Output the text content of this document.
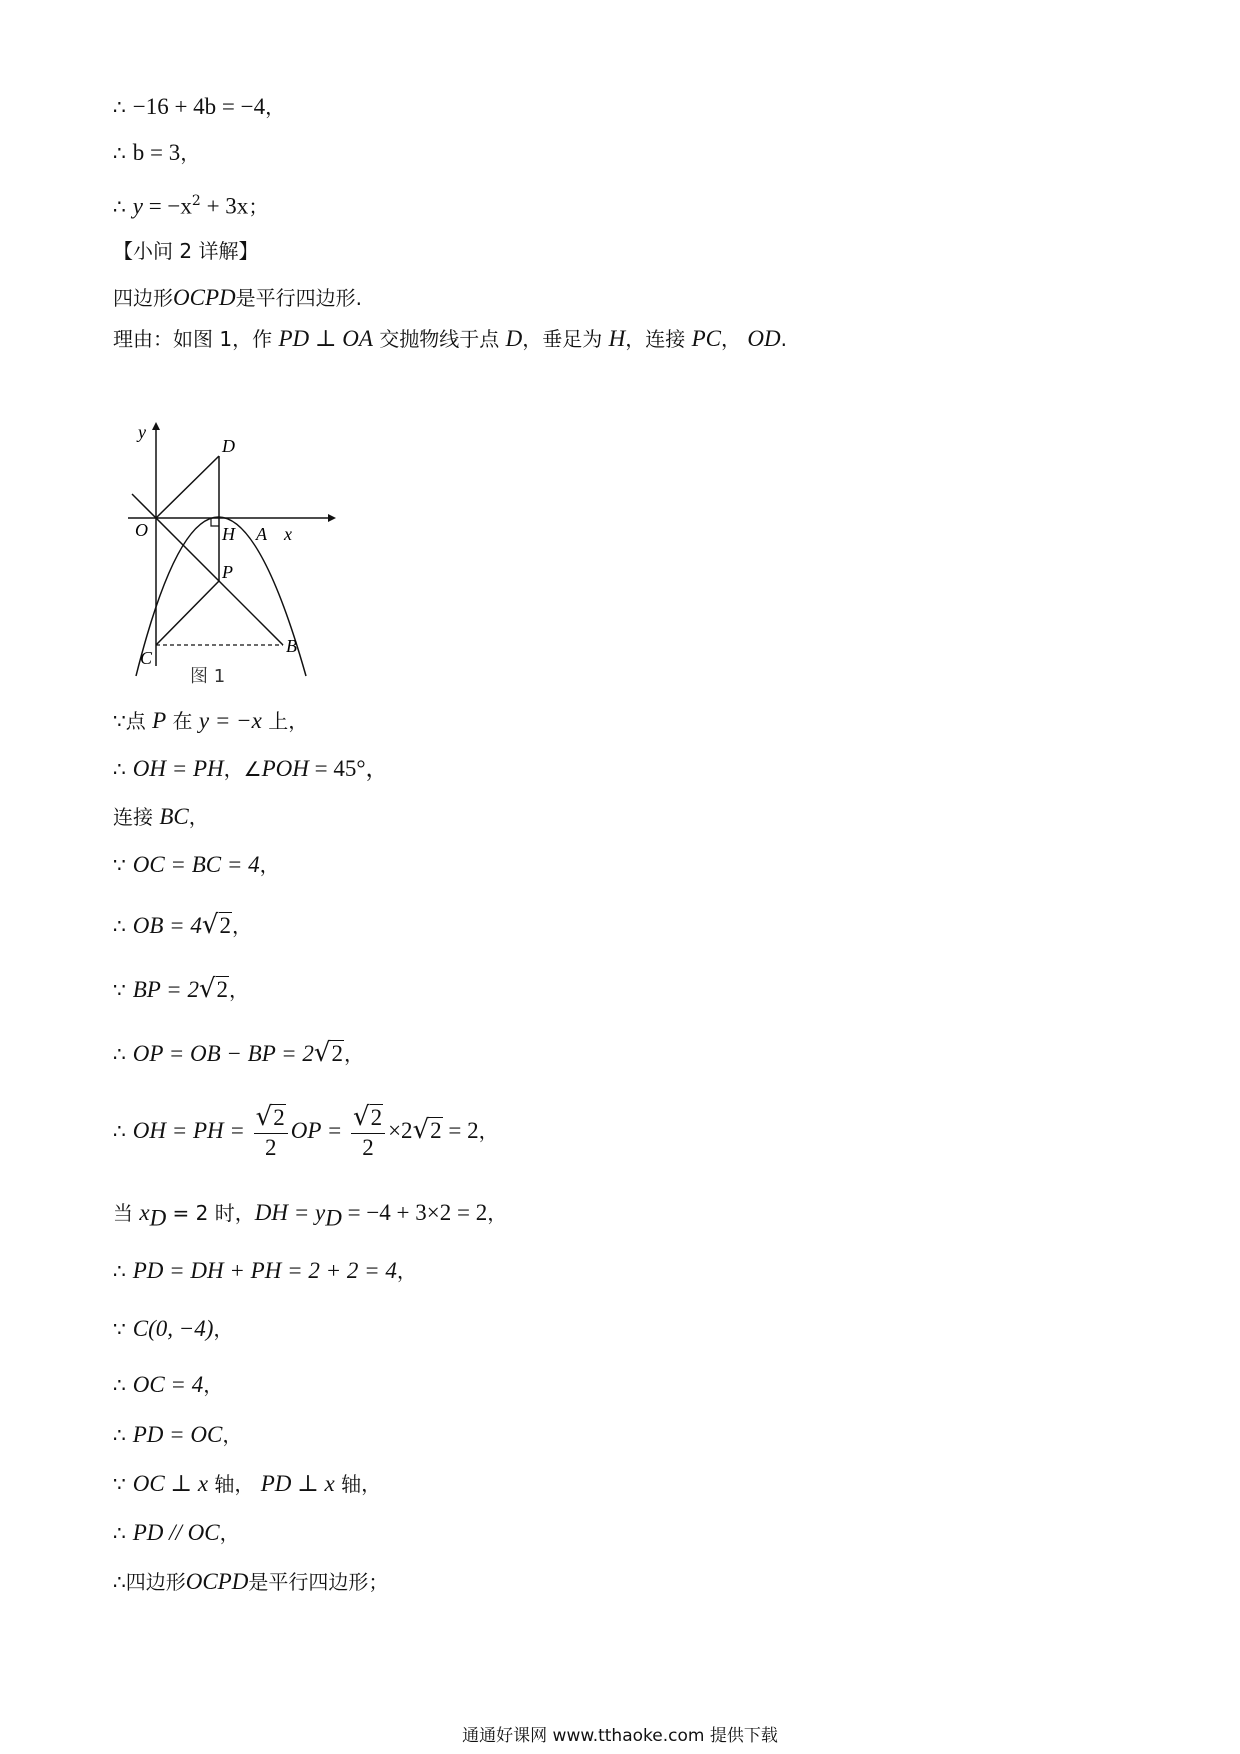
∴ −16 + 4b = −4，
∴ b = 3，
∴ $y = -x^2 + 3x$；
【小问 2 详解】
四边形OCPD是平行四边形.
理由：如图 1，作 PD ⊥ OA 交抛物线于点 D，垂足为 H，连接 PC， OD.
y
D
O	H A x
P
C
B
图 1
∵点 P 在 y = −x 上，
∴ OH = PH，∠POH = 45°，
连接 BC，
∵ OC = BC = 4，
∴ OB = 4√2，
∵ BP = 2√2，
∴ OP = OB − BP = 2√2，
∴ OH = PH = $\frac{√2}{2}$ OP = $\frac{√2}{2} \times 2√2 = 2$，
当 $x_D = 2$ 时，DH = $y_D = -4 + 3\times 2 = 2$，
∴ PD = DH + PH = 2 + 2 = 4，
∵ C(0, −4)，
∴ OC = 4，
∴ PD = OC，
∵ OC ⊥ x 轴， PD ⊥ x 轴，
∴ PD // OC，
∴四边形OCPD是平行四边形；
通通好课网 www.tthaoke.com 提供下载
